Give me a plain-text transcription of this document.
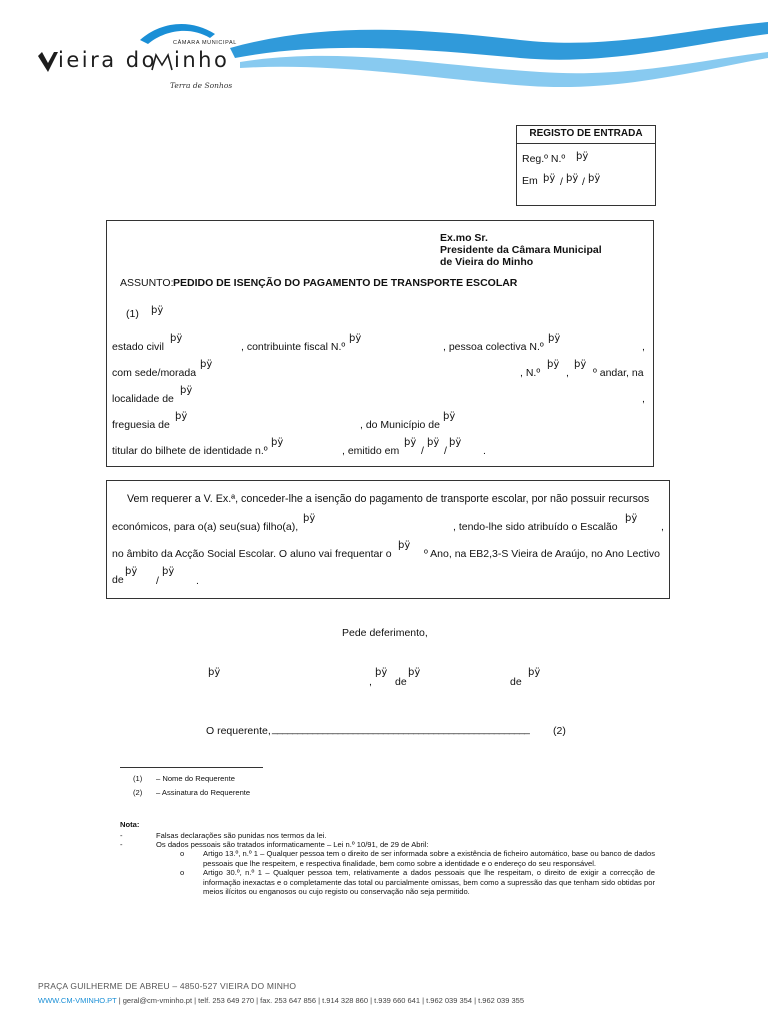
CÂMARA MUNICIPAL
ieira do inho
Terra de Sonhos
REGISTO DE ENTRADA
Reg.º N.º þÿ
Em þÿ / þÿ / þÿ
Ex.mo Sr.
Presidente da Câmara Municipal
de Vieira do Minho
ASSUNTO: PEDIDO DE ISENÇÃO DO PAGAMENTO DE TRANSPORTE ESCOLAR
(1) þÿ
estado civil
þÿ
, contribuinte fiscal N.º
þÿ
, pessoa colectiva N.º
þÿ
,
com sede/morada
þÿ
, N.º
þÿ
,
þÿ
º andar, na
localidade de
þÿ
,
freguesia de
þÿ
, do Município de
þÿ
titular do bilhete de identidade n.º
þÿ
, emitido em
þÿ
/
þÿ
/
þÿ
.
Vem requerer a V. Ex.ª, conceder-lhe a isenção do pagamento de transporte escolar, por não possuir recursos
económicos, para o(a) seu(sua) filho(a),
þÿ
, tendo-lhe sido atribuído o Escalão
þÿ
,
no âmbito da Acção Social Escolar. O aluno vai frequentar o
þÿ
º Ano, na EB2,3-S Vieira de Araújo, no Ano Lectivo
de
þÿ
/
þÿ
.
Pede deferimento,
þÿ
,
þÿ
de
þÿ
de
þÿ
O requerente, ___________________________________________________ (2)
(1) – Nome do Requerente
(2) – Assinatura do Requerente
Nota:
-	Falsas declarações são punidas nos termos da lei.
-	Os dados pessoais são tratados informaticamente – Lei n.º 10/91, de 29 de Abril:
o Artigo 13.º, n.º 1 – Qualquer pessoa tem o direito de ser informada sobre a existência de ficheiro automático, base ou banco de dados pessoais que lhe respeitem, e respectiva finalidade, bem como sobre a identidade e o endereço do seu responsável.
o Artigo 30.º, n.º 1 – Qualquer pessoa tem, relativamente a dados pessoais que lhe respeitam, o direito de exigir a correcção de informação inexactas e o completamente das total ou parcialmente omissas, bem como a supressão das que tenham sido obtidas por meios ilícitos ou enganosos ou cujo registo ou conservação não seja permitido.
PRAÇA GUILHERME DE ABREU – 4850-527 VIEIRA DO MINHO
WWW.CM-VMINHO.PT | geral@cm-vminho.pt | telf. 253 649 270 | fax. 253 647 856 | t.914 328 860 | t.939 660 641 | t.962 039 354 | t.962 039 355
